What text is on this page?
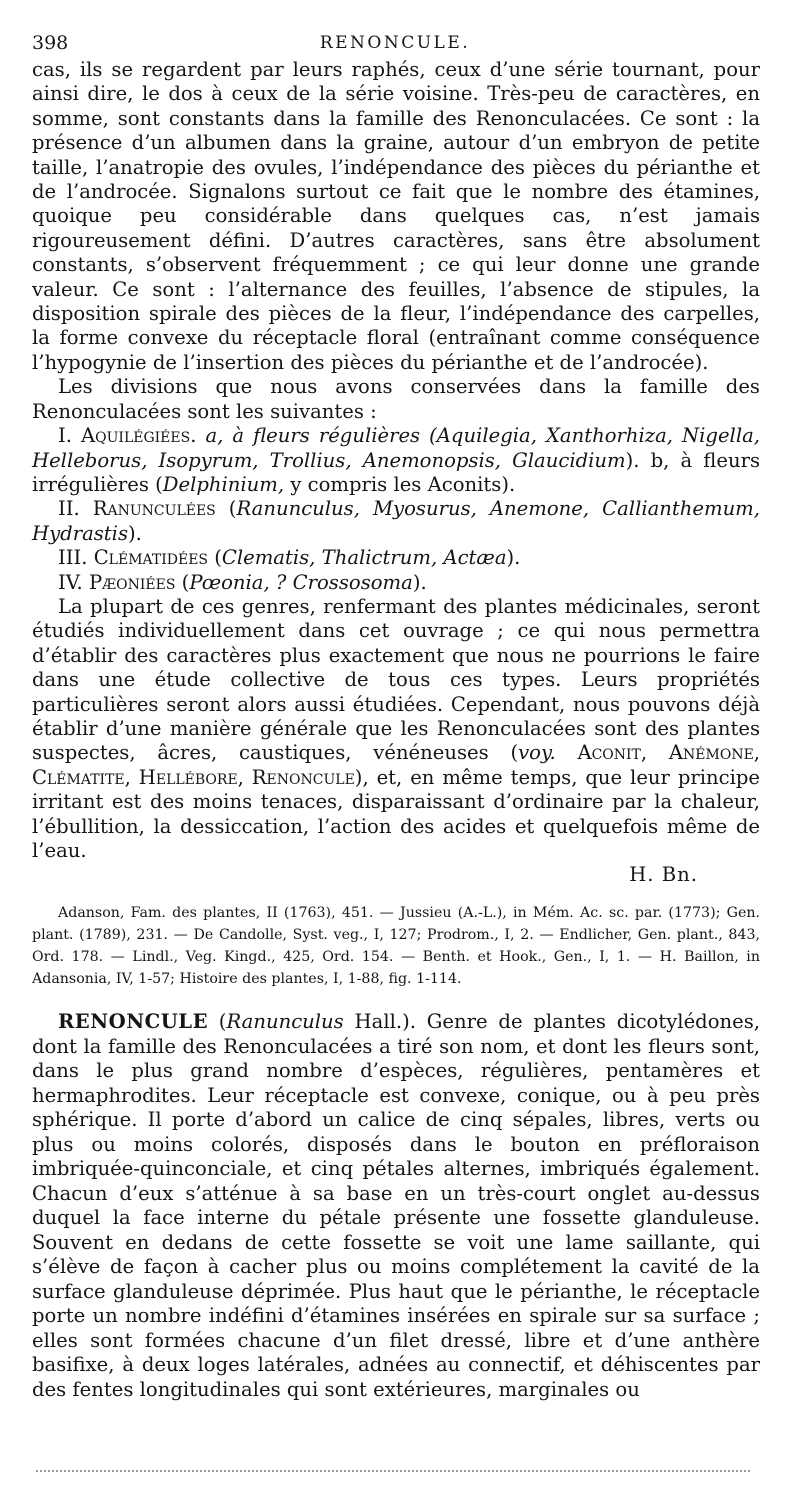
398	RENONCULE.

cas, ils se regardent par leurs raphés, ceux d’une série tournant, pour ainsi dire, le dos à ceux de la série voisine. Très-peu de caractères, en somme, sont constants dans la famille des Renonculacées. Ce sont : la présence d’un albumen dans la graine, autour d’un embryon de petite taille, l’anatropie des ovules, l’indépendance des pièces du périanthe et de l’androcée. Signalons surtout ce fait que le nombre des étamines, quoique peu considérable dans quelques cas, n’est jamais rigoureusement défini. D’autres caractères, sans être absolument constants, s’observent fréquemment ; ce qui leur donne une grande valeur. Ce sont : l’alternance des feuilles, l’absence de stipules, la disposition spirale des pièces de la fleur, l’indépendance des carpelles, la forme convexe du réceptacle floral (entraînant comme conséquence l’hypogynie de l’insertion des pièces du périanthe et de l’androcée).

Les divisions que nous avons conservées dans la famille des Renonculacées sont les suivantes :

I. Aquilégiées. a, à fleurs régulières (Aquilegia, Xanthorhiza, Nigella, Helleborus, Isopyrum, Trollius, Anemonopsis, Glaucidium). b, à fleurs irrégulières (Delphinium, y compris les Aconits).

II. Ranunculées (Ranunculus, Myosurus, Anemone, Callianthemum, Hydrastis).

III. Clématidées (Clematis, Thalictrum, Actæa).

IV. Pæoniées (Pœonia, ? Crossosoma).

La plupart de ces genres, renfermant des plantes médicinales, seront étudiés individuellement dans cet ouvrage ; ce qui nous permettra d’établir des caractères plus exactement que nous ne pourrions le faire dans une étude collective de tous ces types. Leurs propriétés particulières seront alors aussi étudiées. Cependant, nous pouvons déjà établir d’une manière générale que les Renonculacées sont des plantes suspectes, âcres, caustiques, vénéneuses (voy. Aconit, Anémone, Clématite, Hellébore, Renoncule), et, en même temps, que leur principe irritant est des moins tenaces, disparaissant d’ordinaire par la chaleur, l’ébullition, la dessiccation, l’action des acides et quelquefois même de l’eau.

H. Bn.

Adanson, Fam. des plantes, II (1763), 451. — Jussieu (A.-L.), in Mém. Ac. sc. par. (1773); Gen. plant. (1789), 231. — De Candolle, Syst. veg., I, 127; Prodrom., I, 2. — Endlicher, Gen. plant., 843, Ord. 178. — Lindl., Veg. Kingd., 425, Ord. 154. — Benth. et Hook., Gen., I, 1. — H. Baillon, in Adansonia, IV, 1-57; Histoire des plantes, I, 1-88, fig. 1-114.

RENONCULE (Ranunculus Hall.). Genre de plantes dicotylédones, dont la famille des Renonculacées a tiré son nom, et dont les fleurs sont, dans le plus grand nombre d’espèces, régulières, pentamères et hermaphrodites. Leur réceptacle est convexe, conique, ou à peu près sphérique. Il porte d’abord un calice de cinq sépales, libres, verts ou plus ou moins colorés, disposés dans le bouton en préfloraison imbriquée-quinconciale, et cinq pétales alternes, imbriqués également. Chacun d’eux s’atténue à sa base en un très-court onglet au-dessus duquel la face interne du pétale présente une fossette glanduleuse. Souvent en dedans de cette fossette se voit une lame saillante, qui s’élève de façon à cacher plus ou moins complétement la cavité de la surface glanduleuse déprimée. Plus haut que le périanthe, le réceptacle porte un nombre indéfini d’étamines insérées en spirale sur sa surface ; elles sont formées chacune d’un filet dressé, libre et d’une anthère basifixe, à deux loges latérales, adnées au connectif, et déhiscentes par des fentes longitudinales qui sont extérieures, marginales ou
